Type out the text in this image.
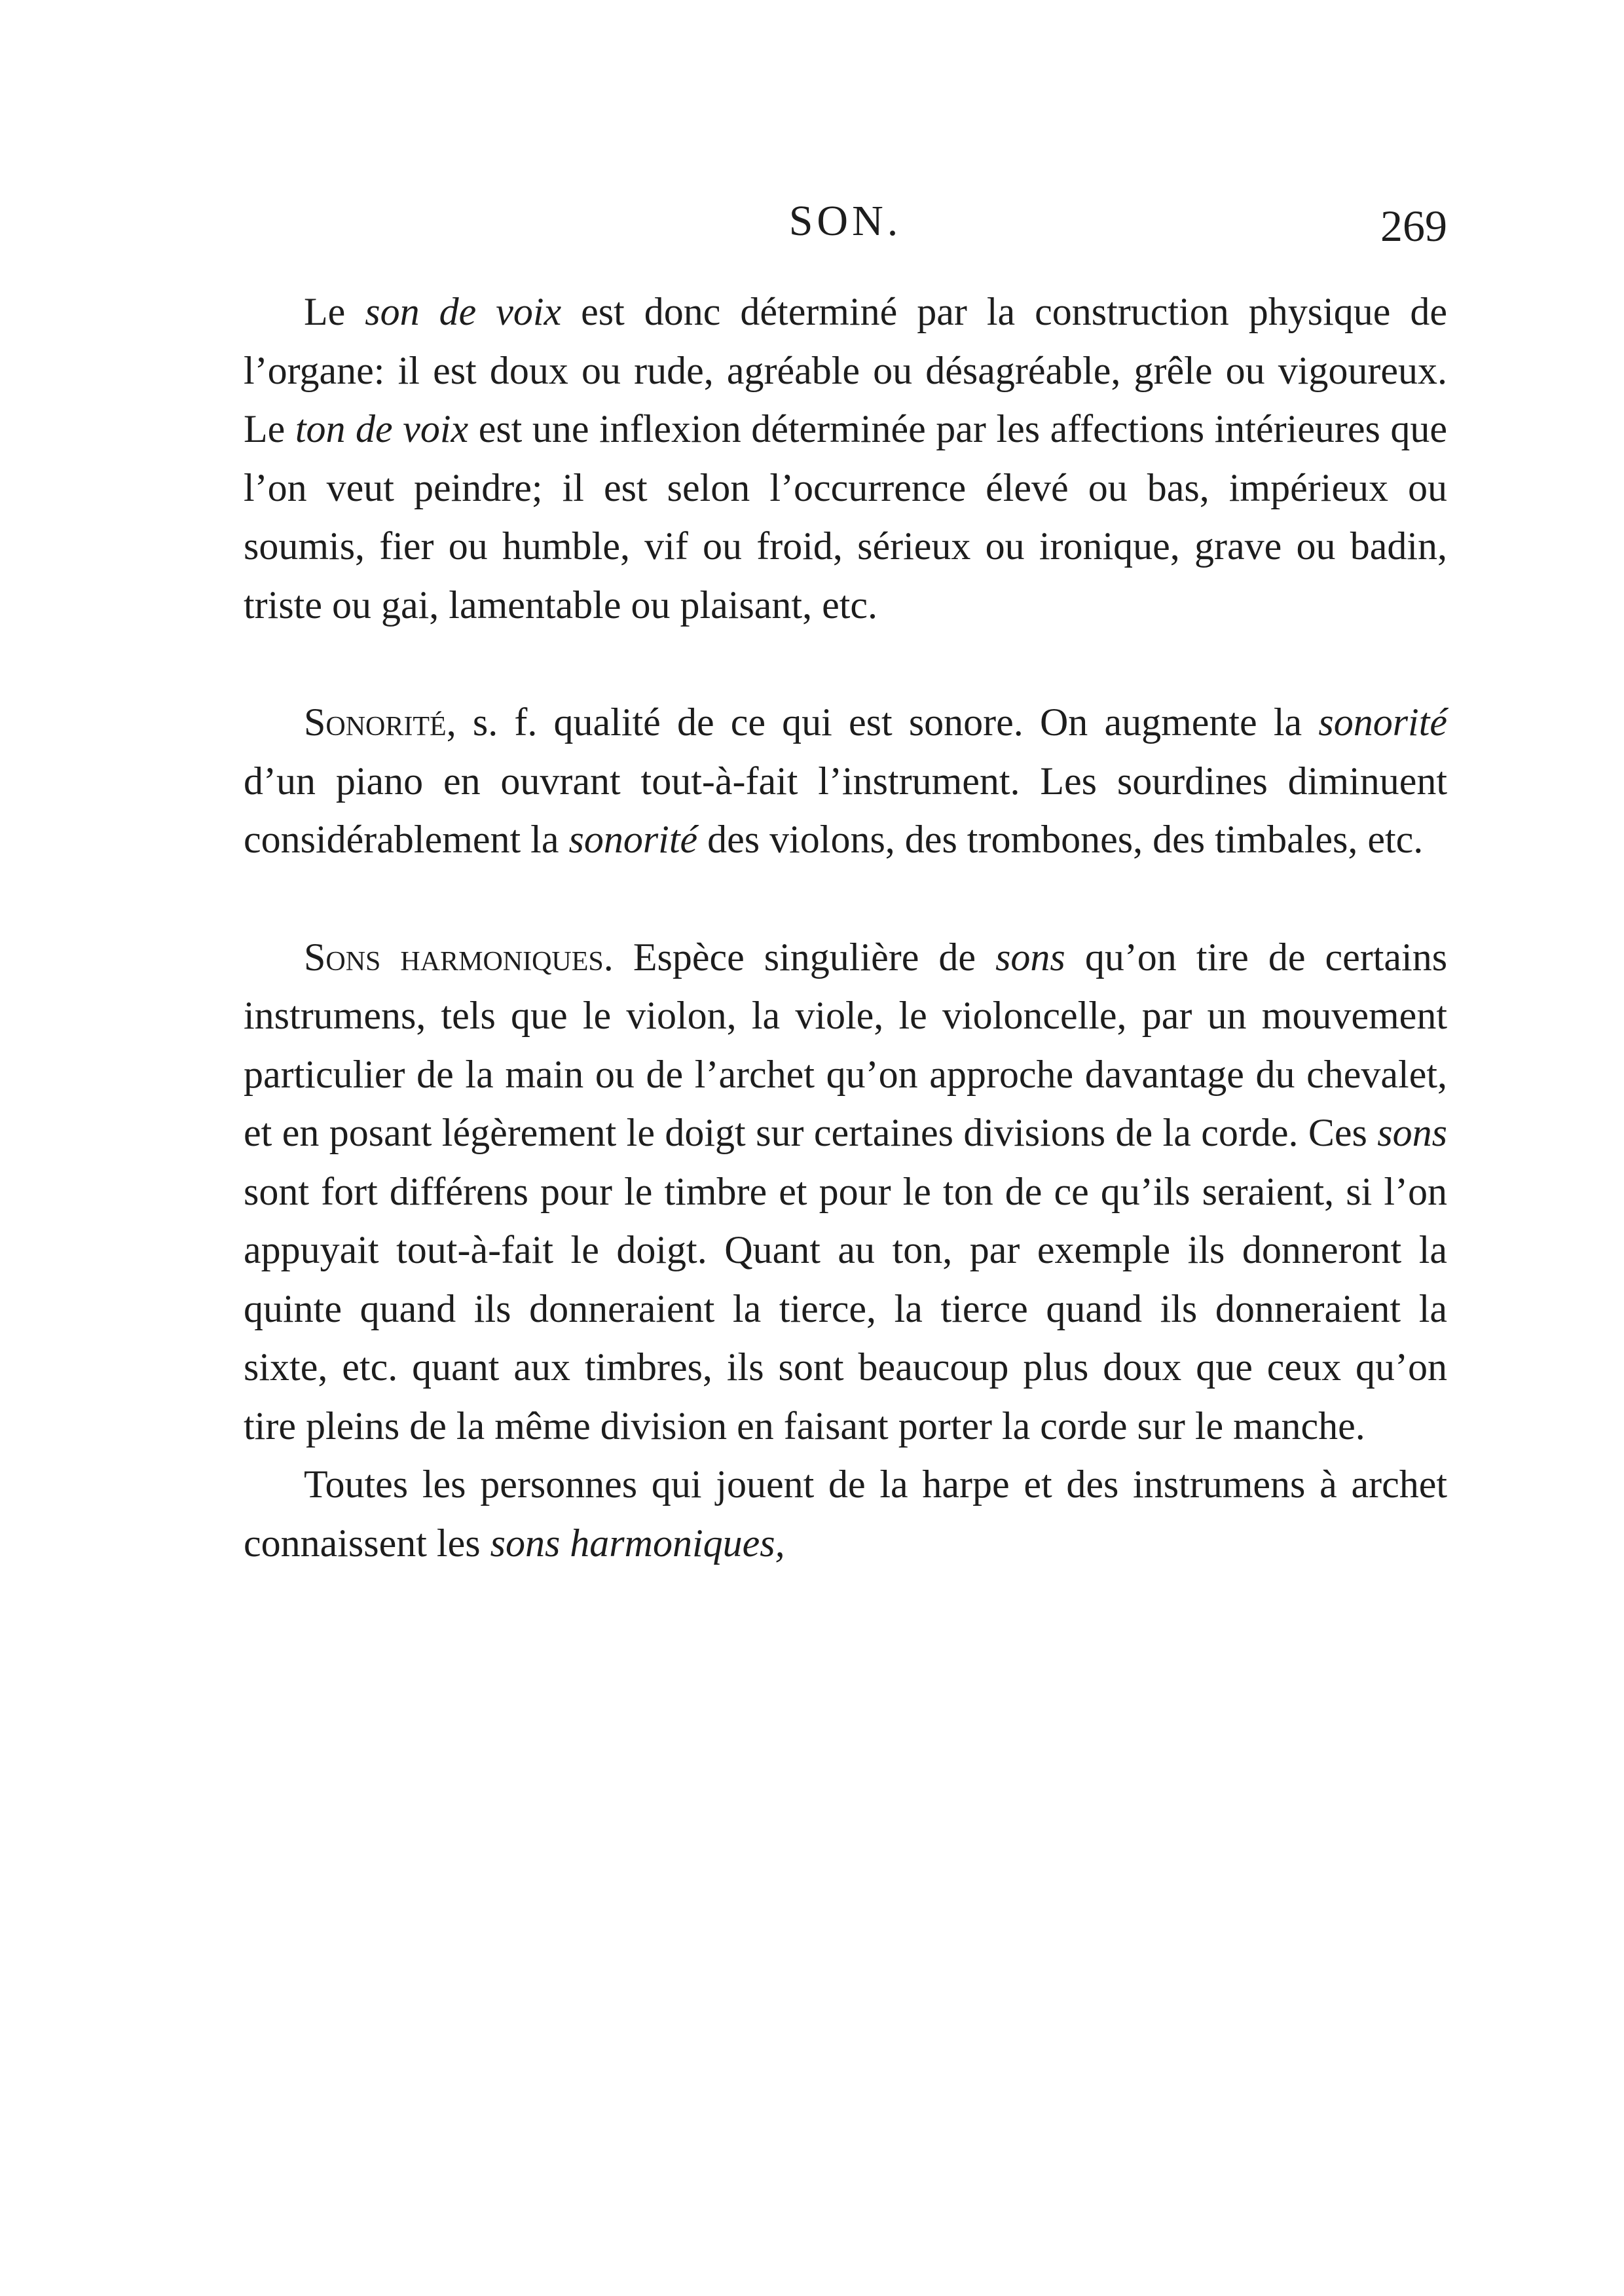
SON.	269

Le son de voix est donc déterminé par la construction physique de l’organe: il est doux ou rude, agréable ou désagréable, grêle ou vigoureux. Le ton de voix est une inflexion déterminée par les affections intérieures que l’on veut peindre; il est selon l’occurrence élevé ou bas, impérieux ou soumis, fier ou humble, vif ou froid, sérieux ou ironique, grave ou badin, triste ou gai, lamentable ou plaisant, etc.

Sonorité, s. f. qualité de ce qui est sonore. On augmente la sonorité d’un piano en ouvrant tout-à-fait l’instrument. Les sourdines diminuent considérablement la sonorité des violons, des trombones, des timbales, etc.

Sons harmoniques. Espèce singulière de sons qu’on tire de certains instrumens, tels que le violon, la viole, le violoncelle, par un mouvement particulier de la main ou de l’archet qu’on approche davantage du chevalet, et en posant légèrement le doigt sur certaines divisions de la corde. Ces sons sont fort différens pour le timbre et pour le ton de ce qu’ils seraient, si l’on appuyait tout-à-fait le doigt. Quant au ton, par exemple ils donneront la quinte quand ils donneraient la tierce, la tierce quand ils donneraient la sixte, etc. quant aux timbres, ils sont beaucoup plus doux que ceux qu’on tire pleins de la même division en faisant porter la corde sur le manche.

Toutes les personnes qui jouent de la harpe et des instrumens à archet connaissent les sons harmoniques,
